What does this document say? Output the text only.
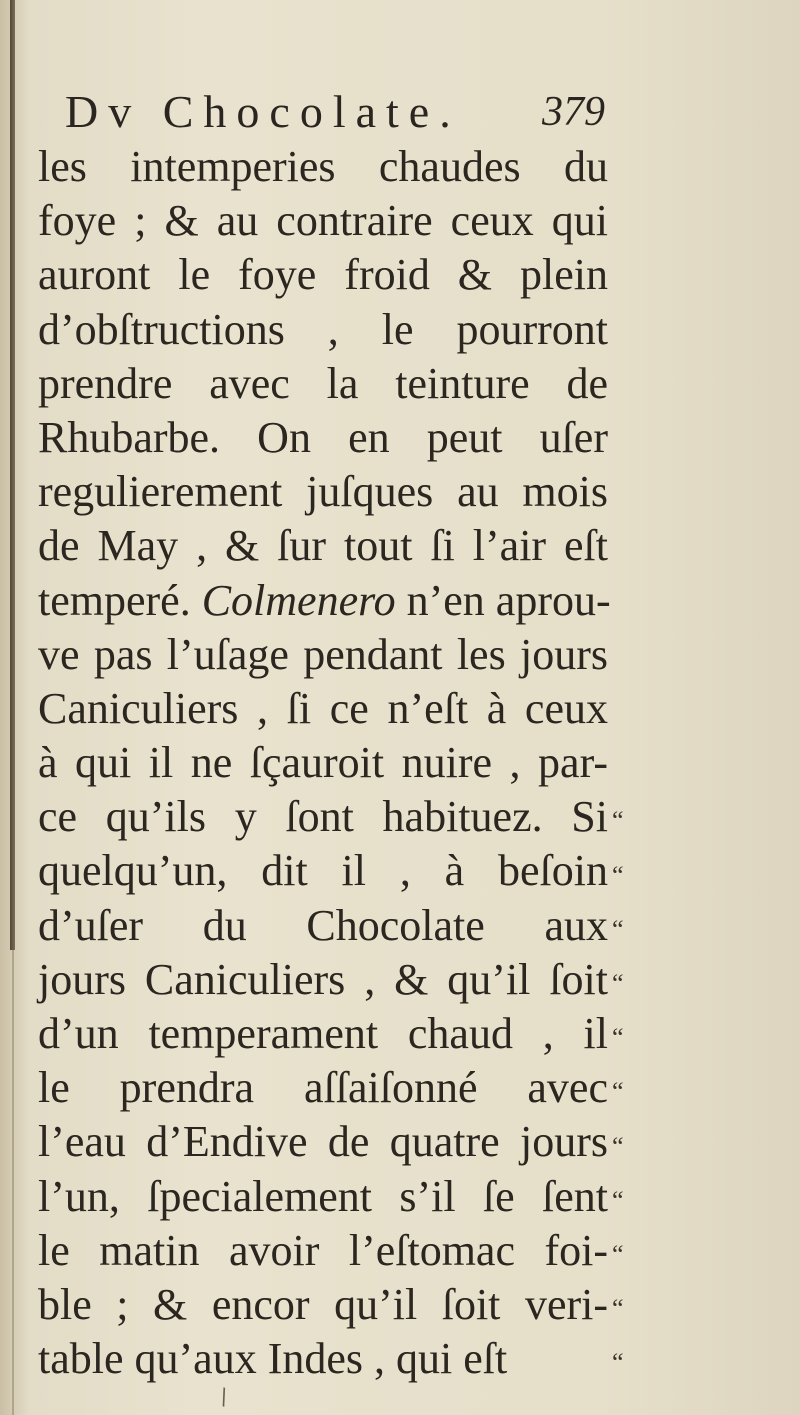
Dv Chocolate. 379
les intemperies chaudes du
foye ; & au contraire ceux qui
auront le foye froid & plein
d’obſtructions , le pourront
prendre avec la teinture de
Rhubarbe. On en peut uſer
regulierement juſques au mois
de May , & ſur tout ſi l’air eſt
temperé. Colmenero n’en aprou-
ve pas l’uſage pendant les jours
Caniculiers , ſi ce n’eſt à ceux
à qui il ne ſçauroit nuire , par-
ce qu’ils y ſont habituez. Si
quelqu’un, dit il , à beſoin
d’uſer du Chocolate aux
jours Caniculiers , & qu’il ſoit
d’un temperament chaud , il
le prendra aſſaiſonné avec
l’eau d’Endive de quatre jours
l’un, ſpecialement s’il ſe ſent
le matin avoir l’eſtomac foi-
ble ; & encor qu’il ſoit veri-
table qu’aux Indes , qui eſt
“
“
“
“
“
“
“
“
“
“
“
\
